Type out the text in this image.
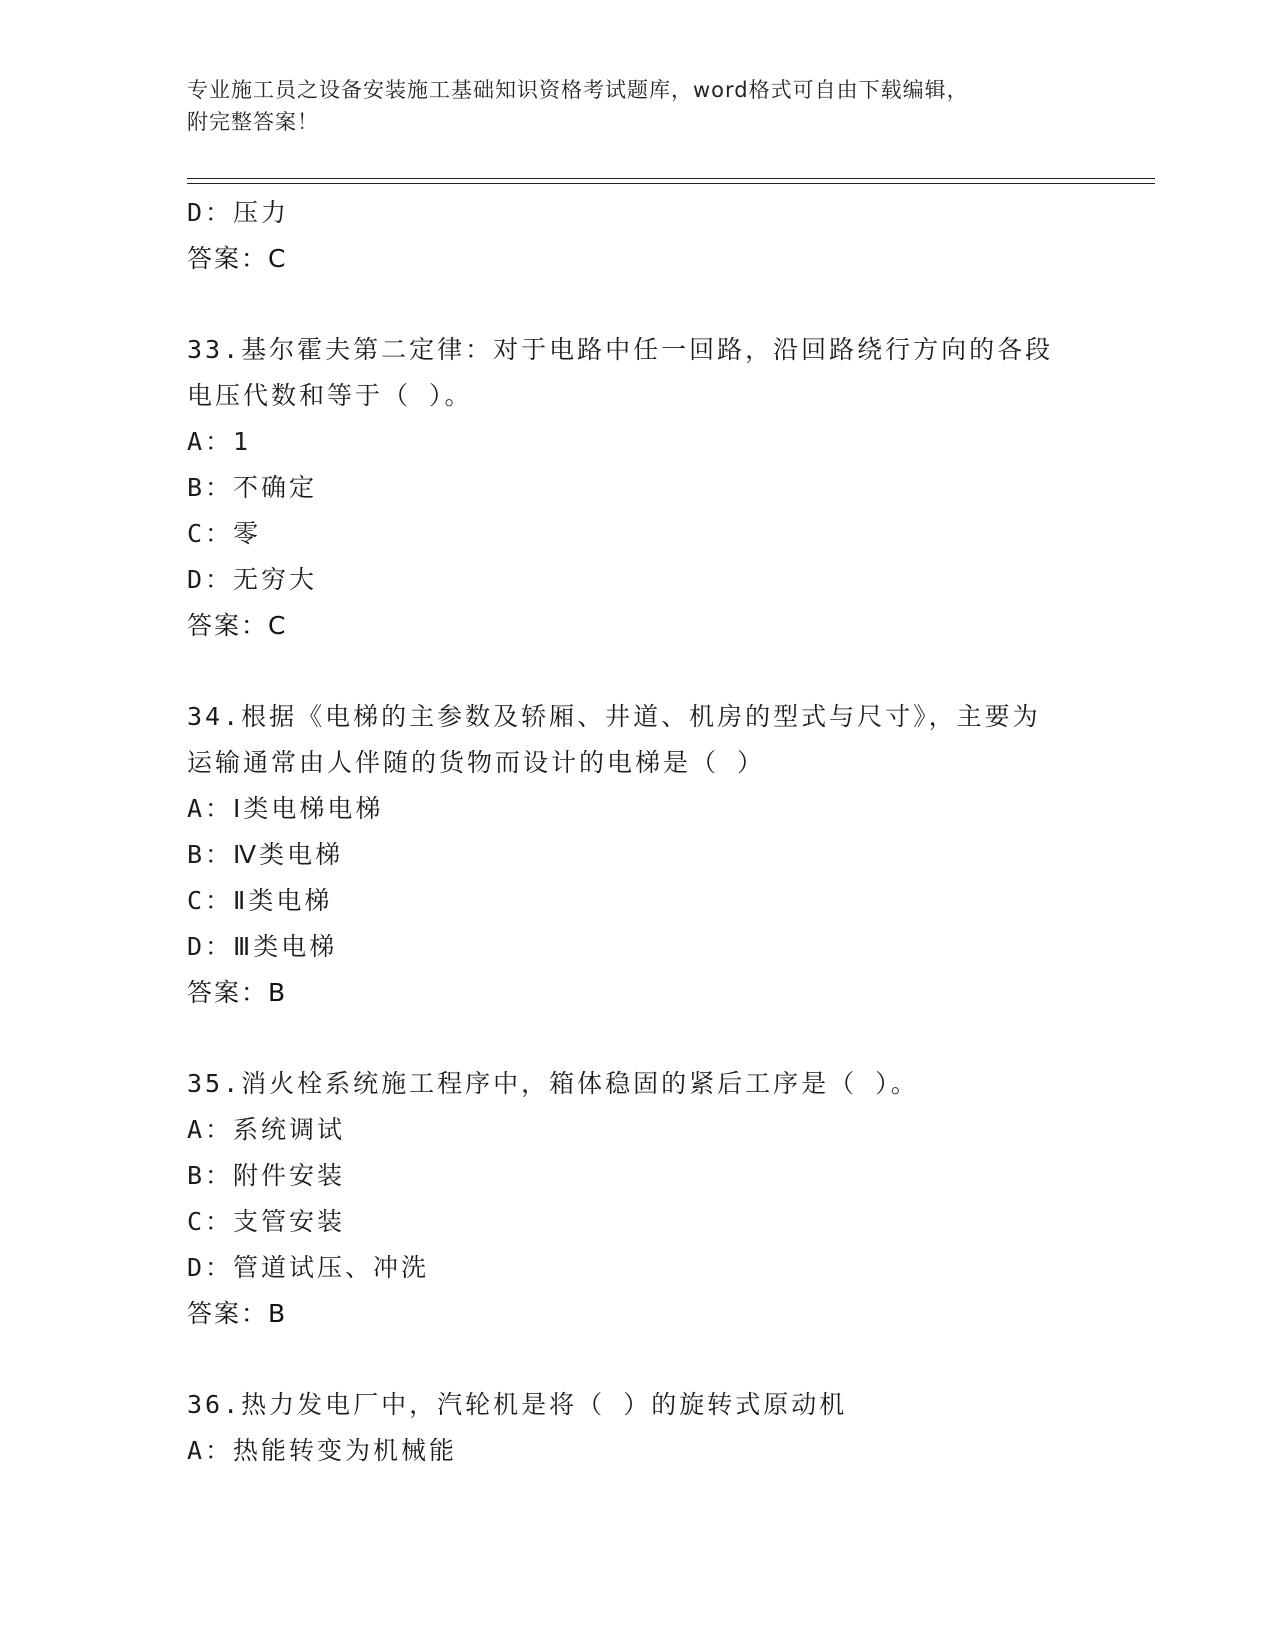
专业施工员之设备安装施工基础知识资格考试题库，word格式可自由下载编辑，
附完整答案！
D：压力
答案：C
33.基尔霍夫第二定律：对于电路中任一回路，沿回路绕行方向的各段
电压代数和等于（ ）。
A：1
B：不确定
C：零
D：无穷大
答案：C
34.根据《电梯的主参数及轿厢、井道、机房的型式与尺寸》，主要为
运输通常由人伴随的货物而设计的电梯是（ ）
A：Ⅰ类电梯电梯
B：Ⅳ类电梯
C：Ⅱ类电梯
D：Ⅲ类电梯
答案：B
35.消火栓系统施工程序中，箱体稳固的紧后工序是（ ）。
A：系统调试
B：附件安装
C：支管安装
D：管道试压、冲洗
答案：B
36.热力发电厂中，汽轮机是将（ ）的旋转式原动机
A：热能转变为机械能
